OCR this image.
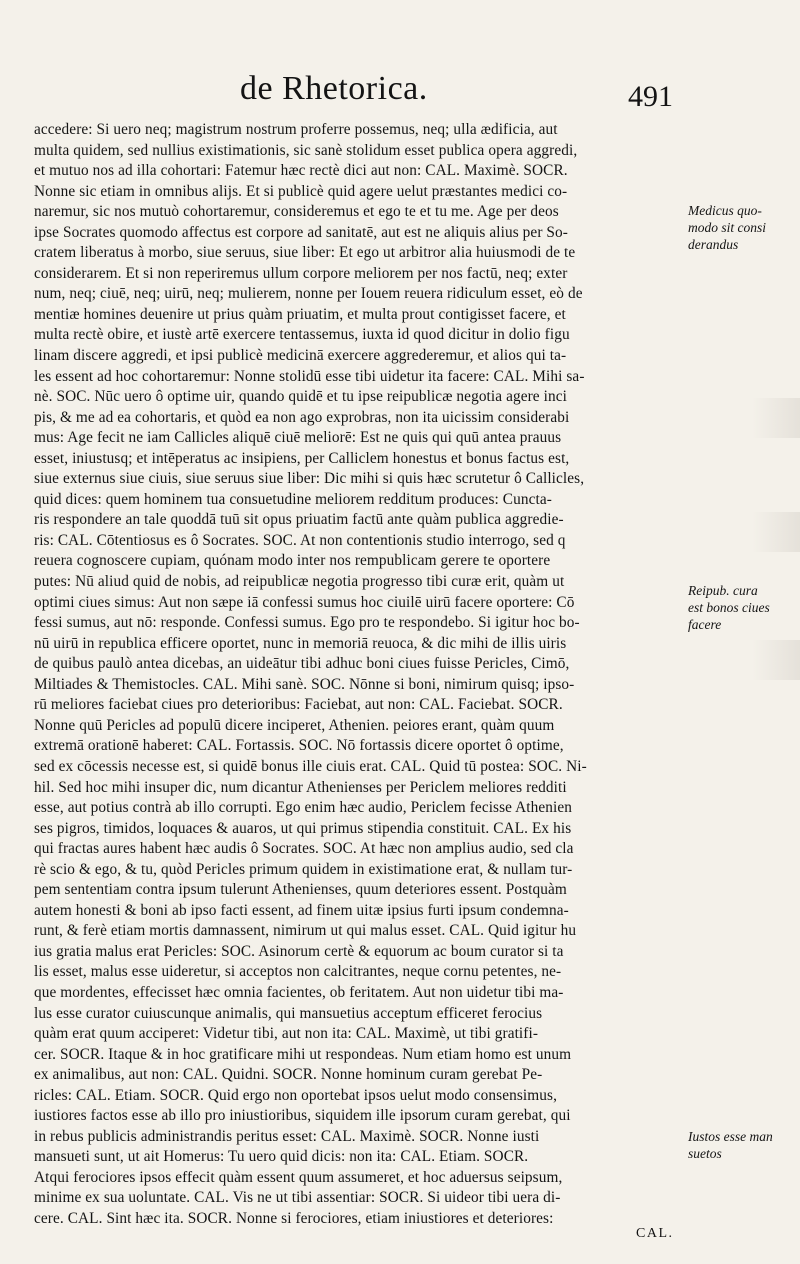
de Rhetorica.	491
accedere: Si uero neq; magistrum nostrum proferre possemus, neq; ulla ædificia, aut
multa quidem, sed nullius existimationis, sic sanè stolidum esset publica opera aggredi,
et mutuo nos ad illa cohortari: Fatemur hæc rectè dici aut non: CAL. Maximè. SOCR.
Nonne sic etiam in omnibus alijs. Et si publicè quid agere uelut præstantes medici co-
naremur, sic nos mutuò cohortaremur, consideremus et ego te et tu me. Age per deos
ipse Socrates quomodo affectus est corpore ad sanitatē, aut est ne aliquis alius per So-
cratem liberatus à morbo, siue seruus, siue liber: Et ego ut arbitror alia huiusmodi de te
considerarem. Et si non reperiremus ullum corpore meliorem per nos factū, neq; exter
num, neq; ciuē, neq; uirū, neq; mulierem, nonne per Iouem reuera ridiculum esset, eò de
mentiæ homines deuenire ut prius quàm priuatim, et multa prout contigisset facere, et
multa rectè obire, et iustè artē exercere tentassemus, iuxta id quod dicitur in dolio figu
linam discere aggredi, et ipsi publicè medicinā exercere aggrederemur, et alios qui ta-
les essent ad hoc cohortaremur: Nonne stolidū esse tibi uidetur ita facere: CAL. Mihi sa-
nè. SOC. Nūc uero ô optime uir, quando quidē et tu ipse reipublicæ negotia agere inci
pis, & me ad ea cohortaris, et quòd ea non ago exprobras, non ita uicissim considerabi
mus: Age fecit ne iam Callicles aliquē ciuē meliorē: Est ne quis qui quū antea prauus
esset, iniustusq; et intēperatus ac insipiens, per Calliclem honestus et bonus factus est,
siue externus siue ciuis, siue seruus siue liber: Dic mihi si quis hæc scrutetur ô Callicles,
quid dices: quem hominem tua consuetudine meliorem redditum produces: Cuncta-
ris respondere an tale quoddā tuū sit opus priuatim factū ante quàm publica aggredie-
ris: CAL. Cōtentiosus es ô Socrates. SOC. At non contentionis studio interrogo, sed q
reuera cognoscere cupiam, quónam modo inter nos rempublicam gerere te oportere
putes: Nū aliud quid de nobis, ad reipublicæ negotia progresso tibi curæ erit, quàm ut
optimi ciues simus: Aut non sæpe iā confessi sumus hoc ciuilē uirū facere oportere: Cō
fessi sumus, aut nō: responde. Confessi sumus. Ego pro te respondebo. Si igitur hoc bo-
nū uirū in republica efficere oportet, nunc in memoriā reuoca, & dic mihi de illis uiris
de quibus paulò antea dicebas, an uideātur tibi adhuc boni ciues fuisse Pericles, Cimō,
Miltiades & Themistocles. CAL. Mihi sanè. SOC. Nōnne si boni, nimirum quisq; ipso-
rū meliores faciebat ciues pro deterioribus: Faciebat, aut non: CAL. Faciebat. SOCR.
Nonne quū Pericles ad populū dicere inciperet, Athenien. peiores erant, quàm quum
extremā orationē haberet: CAL. Fortassis. SOC. Nō fortassis dicere oportet ô optime,
sed ex cōcessis necesse est, si quidē bonus ille ciuis erat. CAL. Quid tū postea: SOC. Ni-
hil. Sed hoc mihi insuper dic, num dicantur Athenienses per Periclem meliores redditi
esse, aut potius contrà ab illo corrupti. Ego enim hæc audio, Periclem fecisse Athenien
ses pigros, timidos, loquaces & auaros, ut qui primus stipendia constituit. CAL. Ex his
qui fractas aures habent hæc audis ô Socrates. SOC. At hæc non amplius audio, sed cla
rè scio & ego, & tu, quòd Pericles primum quidem in existimatione erat, & nullam tur-
pem sententiam contra ipsum tulerunt Athenienses, quum deteriores essent. Postquàm
autem honesti & boni ab ipso facti essent, ad finem uitæ ipsius furti ipsum condemna-
runt, & ferè etiam mortis damnassent, nimirum ut qui malus esset. CAL. Quid igitur hu
ius gratia malus erat Pericles: SOC. Asinorum certè & equorum ac boum curator si ta
lis esset, malus esse uideretur, si acceptos non calcitrantes, neque cornu petentes, ne-
que mordentes, effecisset hæc omnia facientes, ob feritatem. Aut non uidetur tibi ma-
lus esse curator cuiuscunque animalis, qui mansuetius acceptum efficeret ferocius
quàm erat quum acciperet: Videtur tibi, aut non ita: CAL. Maximè, ut tibi gratifi-
cer. SOCR. Itaque & in hoc gratificare mihi ut respondeas. Num etiam homo est unum
ex animalibus, aut non: CAL. Quidni. SOCR. Nonne hominum curam gerebat Pe-
ricles: CAL. Etiam. SOCR. Quid ergo non oportebat ipsos uelut modo consensimus,
iustiores factos esse ab illo pro iniustioribus, siquidem ille ipsorum curam gerebat, qui
in rebus publicis administrandis peritus esset: CAL. Maximè. SOCR. Nonne iusti
mansueti sunt, ut ait Homerus: Tu uero quid dicis: non ita: CAL. Etiam. SOCR.
Atqui ferociores ipsos effecit quàm essent quum assumeret, et hoc aduersus seipsum,
minime ex sua uoluntate. CAL. Vis ne ut tibi assentiar: SOCR. Si uideor tibi uera di-
cere. CAL. Sint hæc ita. SOCR. Nonne si ferociores, etiam iniustiores et deteriores:
CAL.
Medicus quo-
modo sit consi
derandus
Reipub. cura
est bonos ciues
facere
Iustos esse man
suetos
